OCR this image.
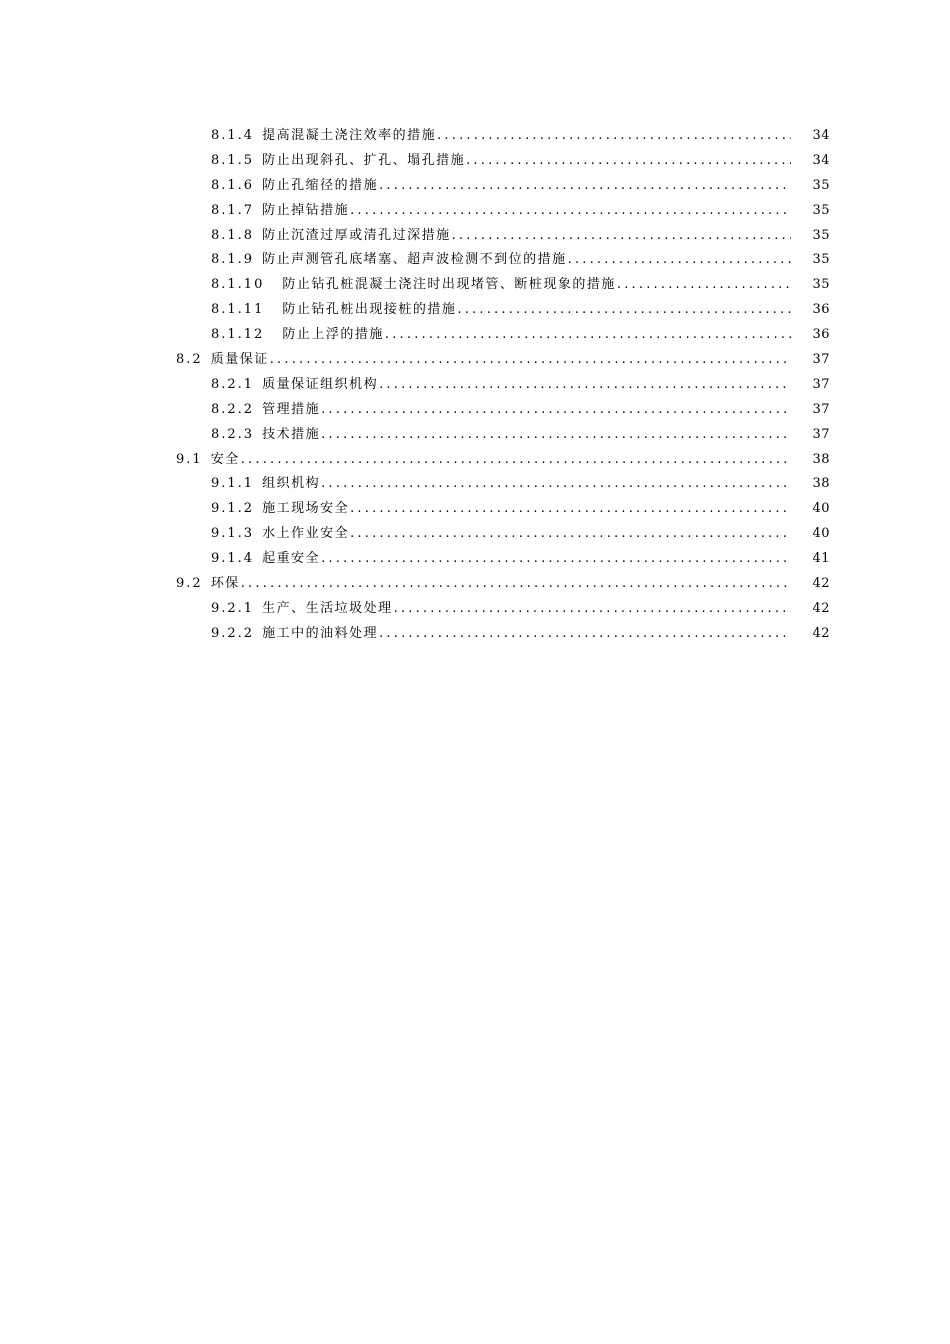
8.1.4 提高混凝土浇注效率的措施 .....	34
8.1.5 防止出现斜孔、扩孔、塌孔措施 .....	34
8.1.6 防止孔缩径的措施 .....	35
8.1.7 防止掉钻措施 .....	35
8.1.8 防止沉渣过厚或清孔过深措施 .....	35
8.1.9 防止声测管孔底堵塞、超声波检测不到位的措施 .....	35
8.1.10 防止钻孔桩混凝土浇注时出现堵管、断桩现象的措施 .....	35
8.1.11 防止钻孔桩出现接桩的措施 .....	36
8.1.12 防止上浮的措施 .....	36
8.2 质量保证 .....	37
8.2.1 质量保证组织机构 .....	37
8.2.2 管理措施 .....	37
8.2.3 技术措施 .....	37
9.1 安全 .....	38
9.1.1 组织机构 .....	38
9.1.2 施工现场安全 .....	40
9.1.3 水上作业安全 .....	40
9.1.4 起重安全 .....	41
9.2 环保 .....	42
9.2.1 生产、生活垃圾处理 .....	42
9.2.2 施工中的油料处理 .....	42
